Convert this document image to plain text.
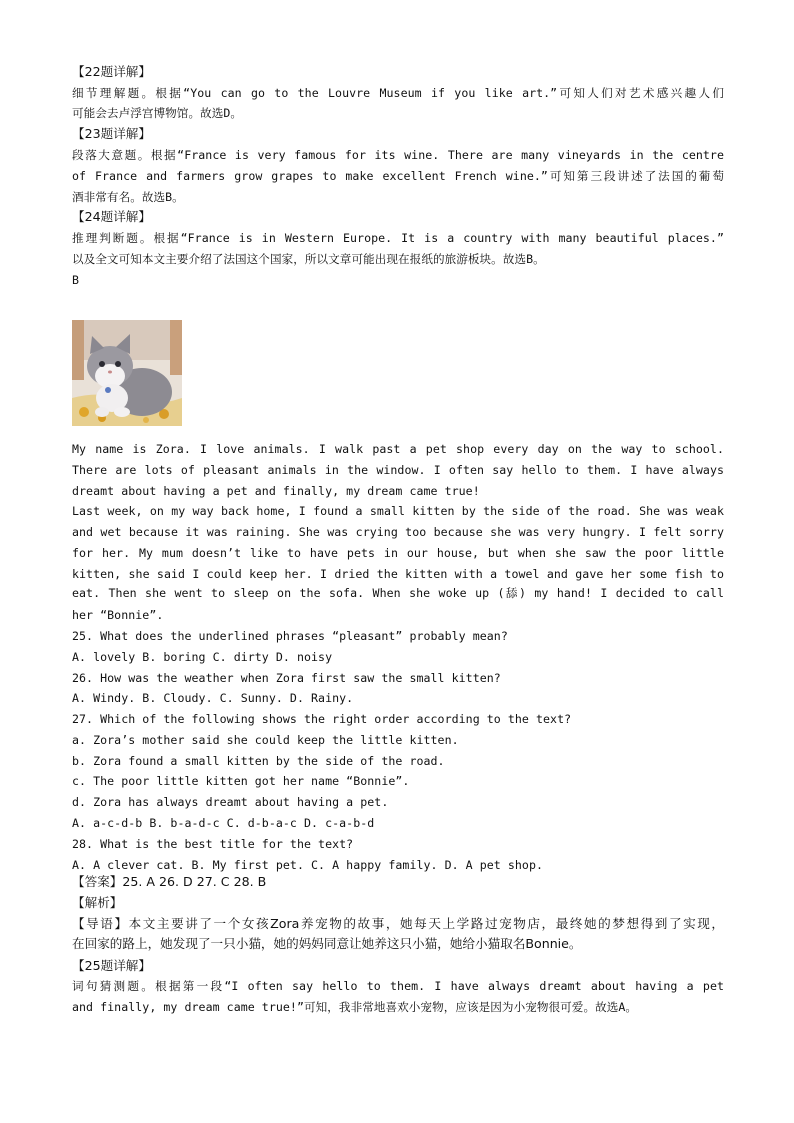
【22题详解】
细节理解题。根据“You can go to the Louvre Museum if you like art.”可知人们对艺术感兴趣人们
可能会去卢浮宫博物馆。故选D。
【23题详解】
段落大意题。根据“France is very famous for its wine. There are many vineyards in the centre
of France and farmers grow grapes to make excellent French wine.”可知第三段讲述了法国的葡萄
酒非常有名。故选B。
【24题详解】
推理判断题。根据“France is in Western Europe. It is a country with many beautiful places.”
以及全文可知本文主要介绍了法国这个国家，所以文章可能出现在报纸的旅游板块。故选B。
B
My name is Zora. I love animals. I walk past a pet shop every day on the way to school.
There are lots of pleasant animals in the window. I often say hello to them. I have always
dreamt about having a pet and finally, my dream came true!
Last week, on my way back home, I found a small kitten by the side of the road. She was weak
and wet because it was raining. She was crying too because she was very hungry. I felt sorry
for her. My mum doesn’t like to have pets in our house, but when she saw the poor little
kitten, she said I could keep her. I dried the kitten with a towel and gave her some fish to
eat. Then she went to sleep on the sofa. When she woke up (舔) my hand! I decided to call
her “Bonnie”.
25. What does the underlined phrases “pleasant” probably mean?
A. lovely B. boring C. dirty D. noisy
26. How was the weather when Zora first saw the small kitten?
A. Windy. B. Cloudy. C. Sunny. D. Rainy.
27. Which of the following shows the right order according to the text?
a. Zora’s mother said she could keep the little kitten.
b. Zora found a small kitten by the side of the road.
c. The poor little kitten got her name “Bonnie”.
d. Zora has always dreamt about having a pet.
A. a-c-d-b B. b-a-d-c C. d-b-a-c D. c-a-b-d
28. What is the best title for the text?
A. A clever cat. B. My first pet. C. A happy family. D. A pet shop.
【答案】25. A 26. D 27. C 28. B
【解析】
【导语】本文主要讲了一个女孩Zora养宠物的故事，她每天上学路过宠物店，最终她的梦想得到了实现，
在回家的路上，她发现了一只小猫，她的妈妈同意让她养这只小猫，她给小猫取名Bonnie。
【25题详解】
词句猜测题。根据第一段“I often say hello to them. I have always dreamt about having a pet
and finally, my dream came true!”可知，我非常地喜欢小宠物，应该是因为小宠物很可爱。故选A。
